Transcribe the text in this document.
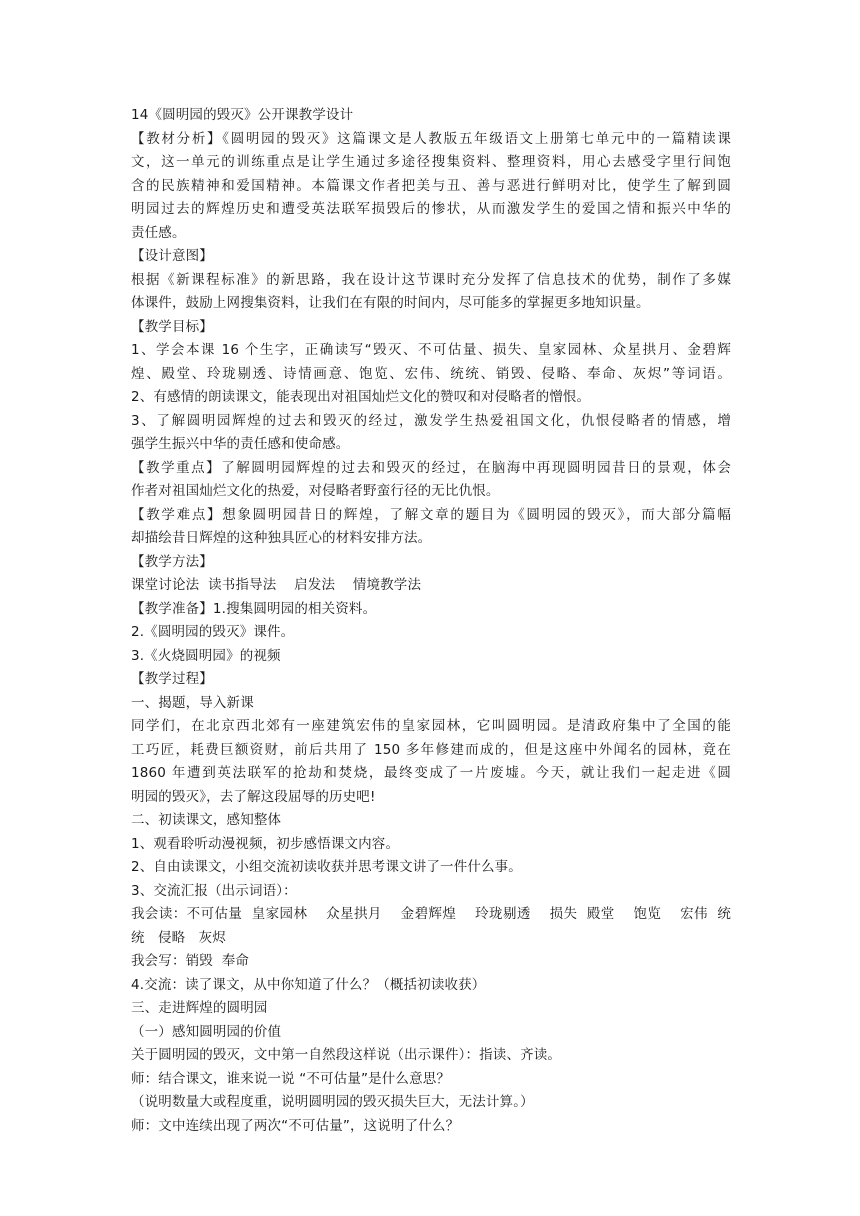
14《圆明园的毁灭》公开课教学设计
【教材分析】《圆明园的毁灭》这篇课文是人教版五年级语文上册第七单元中的一篇精读课
文，这一单元的训练重点是让学生通过多途径搜集资料、整理资料，用心去感受字里行间饱
含的民族精神和爱国精神。本篇课文作者把美与丑、善与恶进行鲜明对比，使学生了解到圆
明园过去的辉煌历史和遭受英法联军损毁后的惨状，从而激发学生的爱国之情和振兴中华的
责任感。
【设计意图】
根据《新课程标准》的新思路，我在设计这节课时充分发挥了信息技术的优势，制作了多媒
体课件，鼓励上网搜集资料，让我们在有限的时间内，尽可能多的掌握更多地知识量。
【教学目标】
1、学会本课 16 个生字，正确读写“毁灭、不可估量、损失、皇家园林、众星拱月、金碧辉
煌、殿堂、玲珑剔透、诗情画意、饱览、宏伟、统统、销毁、侵略、奉命、灰烬”等词语。
2、有感情的朗读课文，能表现出对祖国灿烂文化的赞叹和对侵略者的憎恨。
3、了解圆明园辉煌的过去和毁灭的经过，激发学生热爱祖国文化，仇恨侵略者的情感，增
强学生振兴中华的责任感和使命感。
【教学重点】了解圆明园辉煌的过去和毁灭的经过，在脑海中再现圆明园昔日的景观，体会
作者对祖国灿烂文化的热爱，对侵略者野蛮行径的无比仇恨。
【教学难点】想象圆明园昔日的辉煌，了解文章的题目为《圆明园的毁灭》，而大部分篇幅
却描绘昔日辉煌的这种独具匠心的材料安排方法。
【教学方法】
课堂讨论法  读书指导法    启发法    情境教学法
【教学准备】1.搜集圆明园的相关资料。
2.《圆明园的毁灭》课件。
3.《火烧圆明园》的视频
【教学过程】
一、揭题，导入新课
同学们，在北京西北郊有一座建筑宏伟的皇家园林，它叫圆明园。是清政府集中了全国的能
工巧匠，耗费巨额资财，前后共用了 150 多年修建而成的，但是这座中外闻名的园林，竟在
1860 年遭到英法联军的抢劫和焚烧，最终变成了一片废墟。今天，就让我们一起走进《圆
明园的毁灭》，去了解这段屈辱的历史吧!
二、初读课文，感知整体
1、观看聆听动漫视频，初步感悟课文内容。
2、自由读课文，小组交流初读收获并思考课文讲了一件什么事。
3、交流汇报（出示词语）：
我会读：不可估量  皇家园林    众星拱月    金碧辉煌    玲珑剔透    损失  殿堂    饱览    宏伟  统
统   侵略   灰烬
我会写：销毁  奉命
4.交流：读了课文，从中你知道了什么？（概括初读收获）
三、走进辉煌的圆明园
（一）感知圆明园的价值
关于圆明园的毁灭，文中第一自然段这样说（出示课件）：指读、齐读。
师：结合课文，谁来说一说 “不可估量”是什么意思？
（说明数量大或程度重，说明圆明园的毁灭损失巨大，无法计算。）
师：文中连续出现了两次“不可估量”，这说明了什么？
